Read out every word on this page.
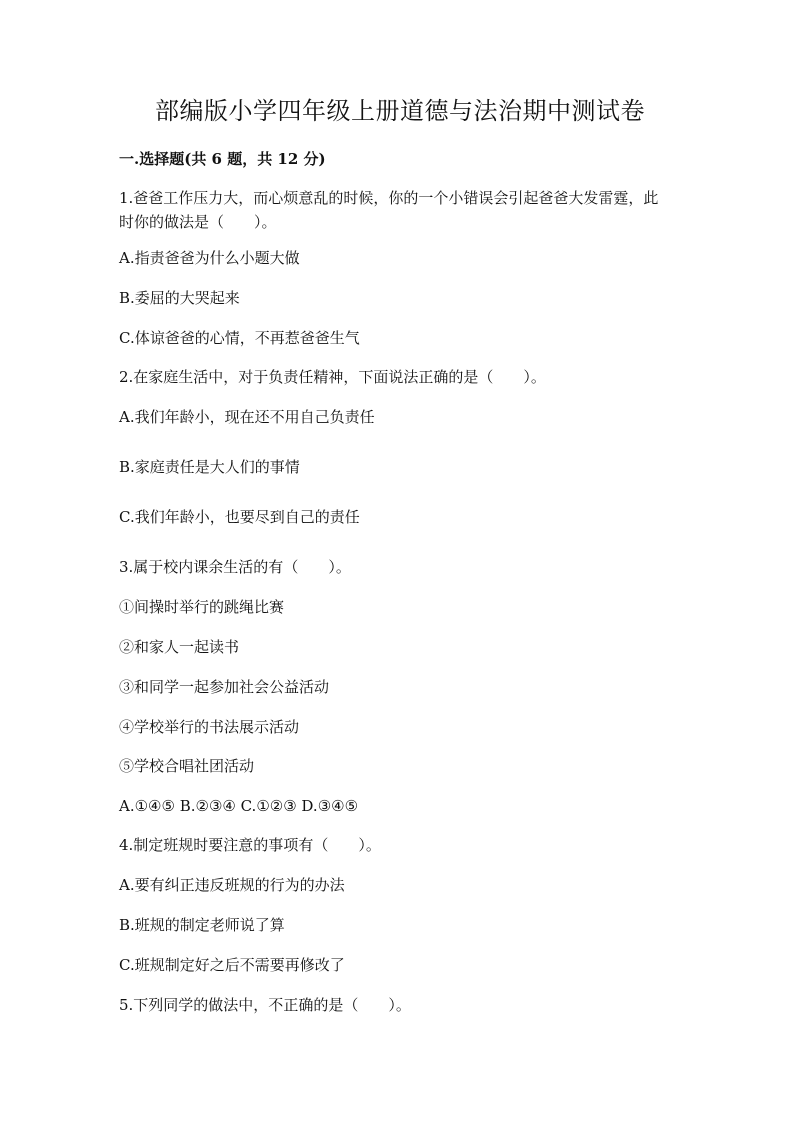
部编版小学四年级上册道德与法治期中测试卷
一.选择题(共 6 题，共 12 分)
1.爸爸工作压力大，而心烦意乱的时候，你的一个小错误会引起爸爸大发雷霆，此时你的做法是（　　）。
A.指责爸爸为什么小题大做
B.委屈的大哭起来
C.体谅爸爸的心情，不再惹爸爸生气
2.在家庭生活中，对于负责任精神，下面说法正确的是（　　）。
A.我们年龄小，现在还不用自己负责任
B.家庭责任是大人们的事情
C.我们年龄小，也要尽到自己的责任
3.属于校内课余生活的有（　　）。
①间操时举行的跳绳比赛
②和家人一起读书
③和同学一起参加社会公益活动
④学校举行的书法展示活动
⑤学校合唱社团活动
A.①④⑤ B.②③④ C.①②③ D.③④⑤
4.制定班规时要注意的事项有（　　）。
A.要有纠正违反班规的行为的办法
B.班规的制定老师说了算
C.班规制定好之后不需要再修改了
5.下列同学的做法中，不正确的是（　　）。
